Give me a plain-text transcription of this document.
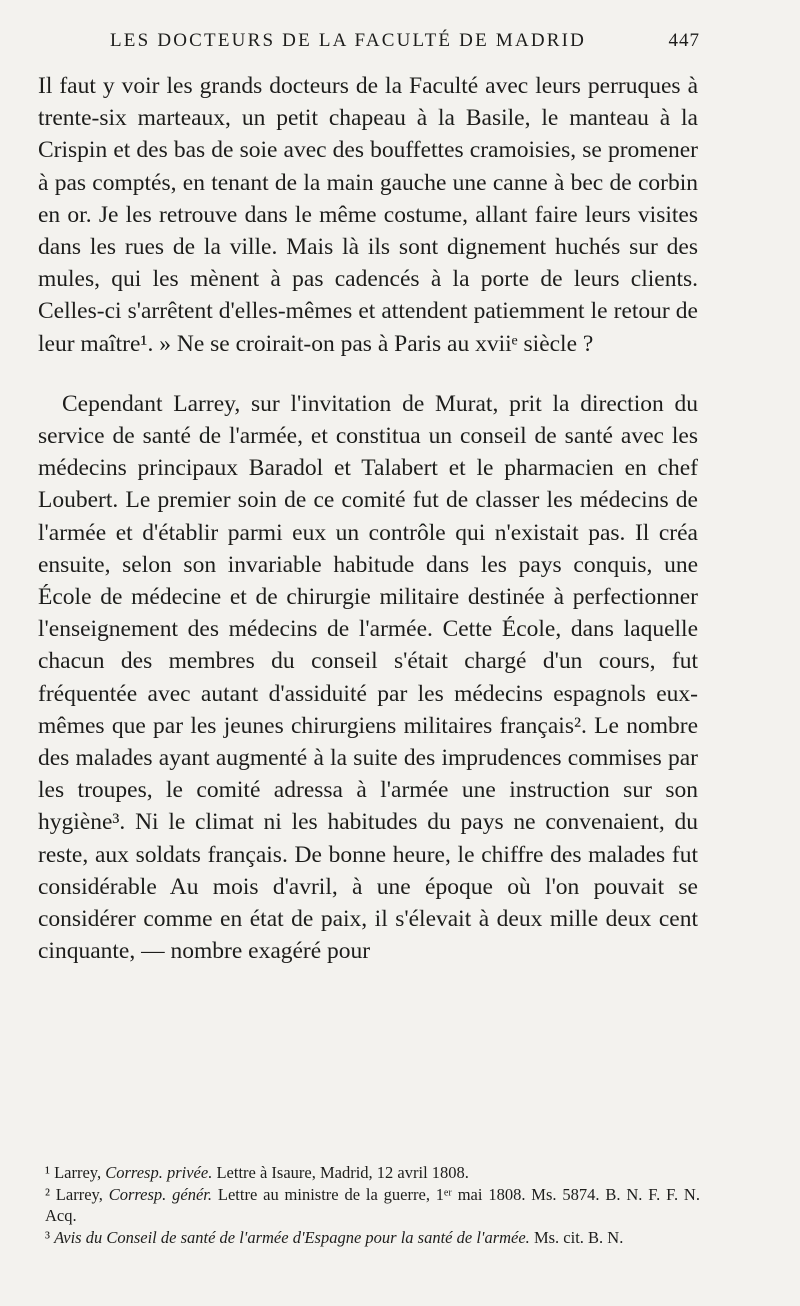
LES DOCTEURS DE LA FACULTÉ DE MADRID	447

Il faut y voir les grands docteurs de la Faculté avec leurs perruques à trente-six marteaux, un petit chapeau à la Basile, le manteau à la Crispin et des bas de soie avec des bouffettes cramoisies, se promener à pas comptés, en tenant de la main gauche une canne à bec de corbin en or. Je les retrouve dans le même costume, allant faire leurs visites dans les rues de la ville. Mais là ils sont dignement huchés sur des mules, qui les mènent à pas cadencés à la porte de leurs clients. Celles-ci s'arrêtent d'elles-mêmes et attendent patiemment le retour de leur maître¹. » Ne se croirait-on pas à Paris au xviiᵉ siècle ?

Cependant Larrey, sur l'invitation de Murat, prit la direction du service de santé de l'armée, et constitua un conseil de santé avec les médecins principaux Baradol et Talabert et le pharmacien en chef Loubert. Le premier soin de ce comité fut de classer les médecins de l'armée et d'établir parmi eux un contrôle qui n'existait pas. Il créa ensuite, selon son invariable habitude dans les pays conquis, une École de médecine et de chirurgie militaire destinée à perfectionner l'enseignement des médecins de l'armée. Cette École, dans laquelle chacun des membres du conseil s'était chargé d'un cours, fut fréquentée avec autant d'assiduité par les médecins espagnols eux-mêmes que par les jeunes chirurgiens militaires français². Le nombre des malades ayant augmenté à la suite des imprudences commises par les troupes, le comité adressa à l'armée une instruction sur son hygiène³. Ni le climat ni les habitudes du pays ne convenaient, du reste, aux soldats français. De bonne heure, le chiffre des malades fut considérable Au mois d'avril, à une époque où l'on pouvait se considérer comme en état de paix, il s'élevait à deux mille deux cent cinquante, — nombre exagéré pour

¹ Larrey, Corresp. privée. Lettre à Isaure, Madrid, 12 avril 1808.

² Larrey, Corresp. génér. Lettre au ministre de la guerre, 1ᵉʳ mai 1808. Ms. 5874. B. N. F. F. N. Acq.

³ Avis du Conseil de santé de l'armée d'Espagne pour la santé de l'armée. Ms. cit. B. N.
